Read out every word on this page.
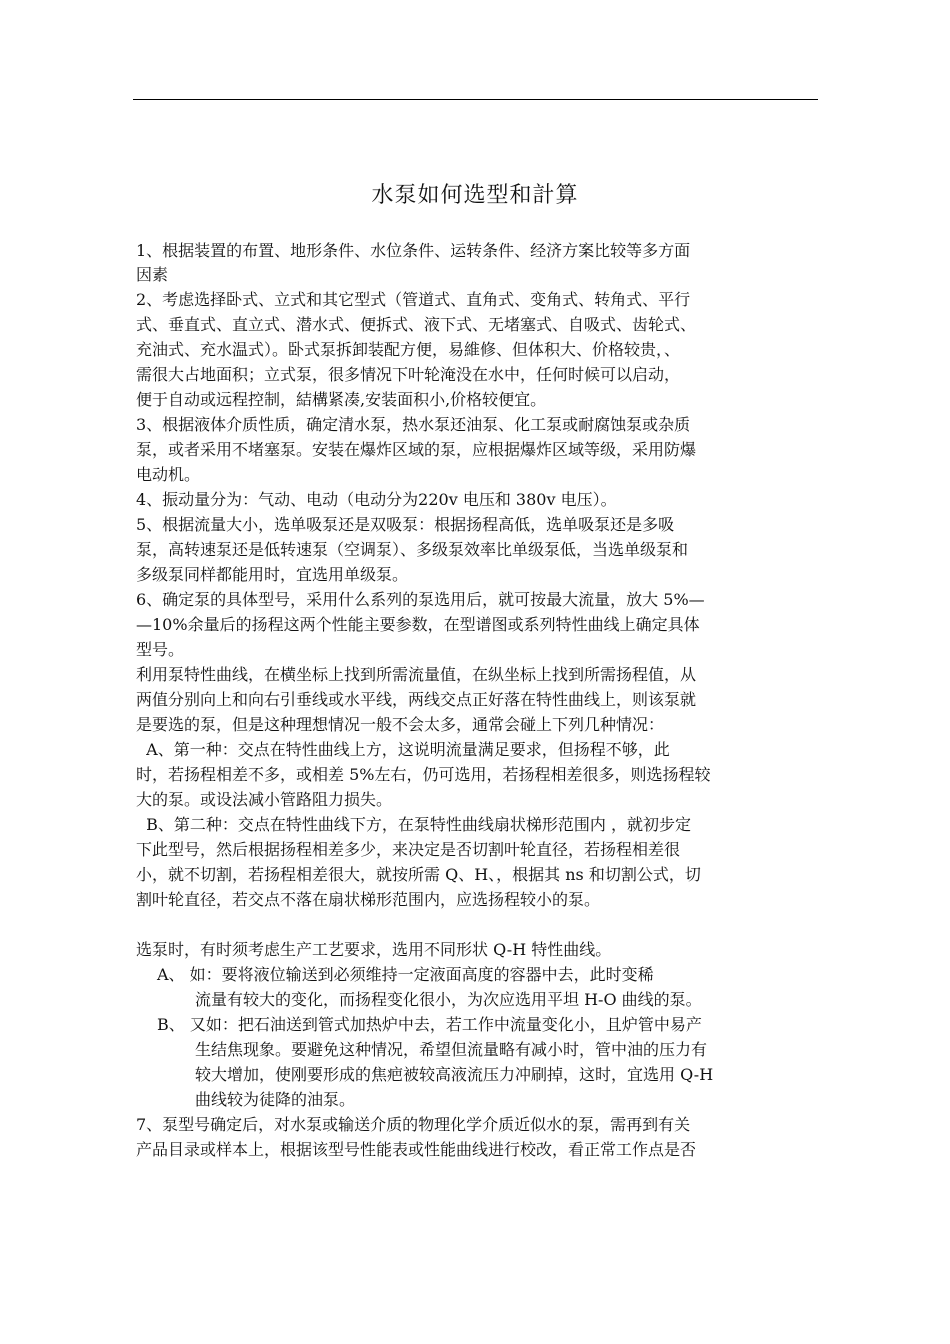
水泵如何选型和計算
1、根据装置的布置、地形条件、水位条件、运转条件、经济方案比较等多方面
因素
2、考虑选择卧式、立式和其它型式（管道式、直角式、变角式、转角式、平行
式、垂直式、直立式、潜水式、便拆式、液下式、无堵塞式、自吸式、齿轮式、
充油式、充水温式）。卧式泵拆卸装配方便，易維修、但体积大、价格较贵，、
需很大占地面积；立式泵，很多情况下叶轮淹没在水中，任何时候可以启动，
便于自动或远程控制，結構紧凑,安装面积小,价格较便宜。
3、根据液体介质性质，确定清水泵，热水泵还油泵、化工泵或耐腐蚀泵或杂质
泵，或者采用不堵塞泵。安装在爆炸区域的泵，应根据爆炸区域等级，采用防爆
电动机。
4、振动量分为：气动、电动（电动分为220v 电压和 380v 电压）。
5、根据流量大小，选单吸泵还是双吸泵：根据扬程高低，选单吸泵还是多吸
泵，高转速泵还是低转速泵（空调泵）、多级泵效率比单级泵低，当选单级泵和
多级泵同样都能用时，宜选用单级泵。
6、确定泵的具体型号，采用什么系列的泵选用后，就可按最大流量，放大 5%—
—10%余量后的扬程这两个性能主要参数，在型谱图或系列特性曲线上确定具体
型号。
利用泵特性曲线，在横坐标上找到所需流量值，在纵坐标上找到所需扬程值，从
两值分别向上和向右引垂线或水平线，两线交点正好落在特性曲线上，则该泵就
是要选的泵，但是这种理想情况一般不会太多，通常会碰上下列几种情况：
A、第一种：交点在特性曲线上方，这说明流量满足要求，但扬程不够，此
时，若扬程相差不多，或相差 5%左右，仍可选用，若扬程相差很多，则选扬程较
大的泵。或设法减小管路阻力损失。
B、第二种：交点在特性曲线下方，在泵特性曲线扇状梯形范围内 ，就初步定
下此型号，然后根据扬程相差多少，来决定是否切割叶轮直径，若扬程相差很
小，就不切割，若扬程相差很大，就按所需 Q、H、，根据其 ns 和切割公式，切
割叶轮直径，若交点不落在扇状梯形范围内，应选扬程较小的泵。
选泵时，有时须考虑生产工艺要求，选用不同形状 Q-H 特性曲线。
A、 如：要将液位输送到必须维持一定液面高度的容器中去，此时变稀
流量有较大的变化，而扬程变化很小，为次应选用平坦 H-O 曲线的泵。
B、 又如：把石油送到管式加热炉中去，若工作中流量变化小，且炉管中易产
生结焦现象。要避免这种情况，希望但流量略有减小时，管中油的压力有
较大增加，使刚要形成的焦疤被较高液流压力冲刷掉，这时，宜选用 Q-H
曲线较为徒降的油泵。
7、泵型号确定后，对水泵或输送介质的物理化学介质近似水的泵，需再到有关
产品目录或样本上，根据该型号性能表或性能曲线进行校改，看正常工作点是否
